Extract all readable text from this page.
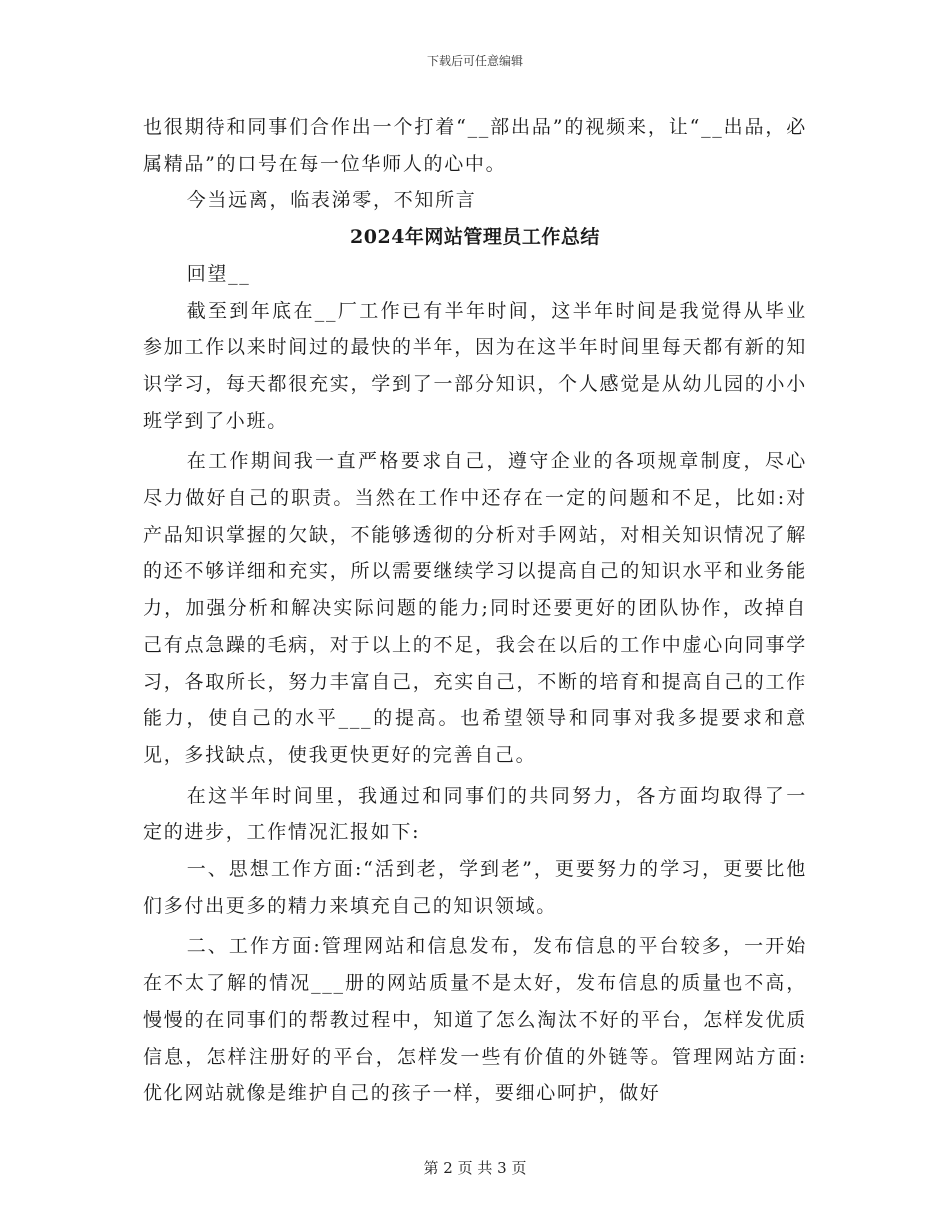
下载后可任意编辑

也很期待和同事们合作出一个打着“__部出品”的视频来，让“__出品，必属精品”的口号在每一位华师人的心中。

今当远离，临表涕零，不知所言

2024年网站管理员工作总结

回望__

截至到年底在__厂工作已有半年时间，这半年时间是我觉得从毕业参加工作以来时间过的最快的半年，因为在这半年时间里每天都有新的知识学习，每天都很充实，学到了一部分知识，个人感觉是从幼儿园的小小班学到了小班。

在工作期间我一直严格要求自己，遵守企业的各项规章制度，尽心尽力做好自己的职责。当然在工作中还存在一定的问题和不足，比如:对产品知识掌握的欠缺，不能够透彻的分析对手网站，对相关知识情况了解的还不够详细和充实，所以需要继续学习以提高自己的知识水平和业务能力，加强分析和解决实际问题的能力;同时还要更好的团队协作，改掉自己有点急躁的毛病，对于以上的不足，我会在以后的工作中虚心向同事学习，各取所长，努力丰富自己，充实自己，不断的培育和提高自己的工作能力，使自己的水平___的提高。也希望领导和同事对我多提要求和意见，多找缺点，使我更快更好的完善自己。

在这半年时间里，我通过和同事们的共同努力，各方面均取得了一定的进步，工作情况汇报如下:

一、思想工作方面:“活到老，学到老”，更要努力的学习，更要比他们多付出更多的精力来填充自己的知识领域。

二、工作方面:管理网站和信息发布，发布信息的平台较多，一开始在不太了解的情况___册的网站质量不是太好，发布信息的质量也不高，慢慢的在同事们的帮教过程中，知道了怎么淘汰不好的平台，怎样发优质信息，怎样注册好的平台，怎样发一些有价值的外链等。管理网站方面:优化网站就像是维护自己的孩子一样，要细心呵护，做好

第 2 页 共 3 页
